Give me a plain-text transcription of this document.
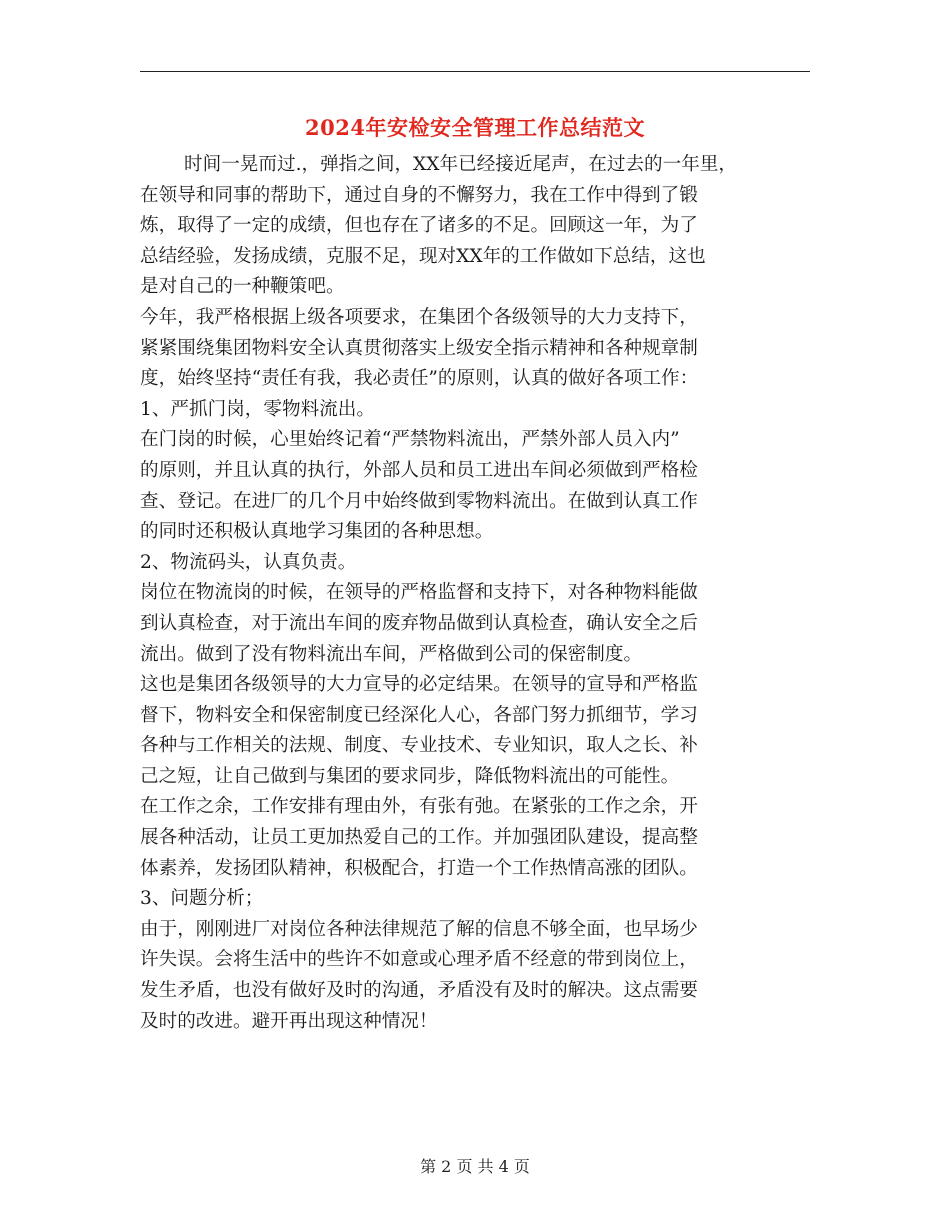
2024年安检安全管理工作总结范文
时间一晃而过.，弹指之间，XX年已经接近尾声，在过去的一年里，
在领导和同事的帮助下，通过自身的不懈努力，我在工作中得到了锻
炼，取得了一定的成绩，但也存在了诸多的不足。回顾这一年，为了
总结经验，发扬成绩，克服不足，现对XX年的工作做如下总结，这也
是对自己的一种鞭策吧。
今年，我严格根据上级各项要求，在集团个各级领导的大力支持下，
紧紧围绕集团物料安全认真贯彻落实上级安全指示精神和各种规章制
度，始终坚持“责任有我，我必责任”的原则，认真的做好各项工作：
1、严抓门岗，零物料流出。
在门岗的时候，心里始终记着“严禁物料流出，严禁外部人员入内”
的原则，并且认真的执行，外部人员和员工进出车间必须做到严格检
查、登记。在进厂的几个月中始终做到零物料流出。在做到认真工作
的同时还积极认真地学习集团的各种思想。
2、物流码头，认真负责。
岗位在物流岗的时候，在领导的严格监督和支持下，对各种物料能做
到认真检查，对于流出车间的废弃物品做到认真检查，确认安全之后
流出。做到了没有物料流出车间，严格做到公司的保密制度。
这也是集团各级领导的大力宣导的必定结果。在领导的宣导和严格监
督下，物料安全和保密制度已经深化人心，各部门努力抓细节，学习
各种与工作相关的法规、制度、专业技术、专业知识，取人之长、补
己之短，让自己做到与集团的要求同步，降低物料流出的可能性。
在工作之余，工作安排有理由外，有张有弛。在紧张的工作之余，开
展各种活动，让员工更加热爱自己的工作。并加强团队建设，提高整
体素养，发扬团队精神，积极配合，打造一个工作热情高涨的团队。
3、问题分析；
由于，刚刚进厂对岗位各种法律规范了解的信息不够全面，也早场少
许失误。会将生活中的些许不如意或心理矛盾不经意的带到岗位上，
发生矛盾，也没有做好及时的沟通，矛盾没有及时的解决。这点需要
及时的改进。避开再出现这种情况！
第 2 页 共 4 页
